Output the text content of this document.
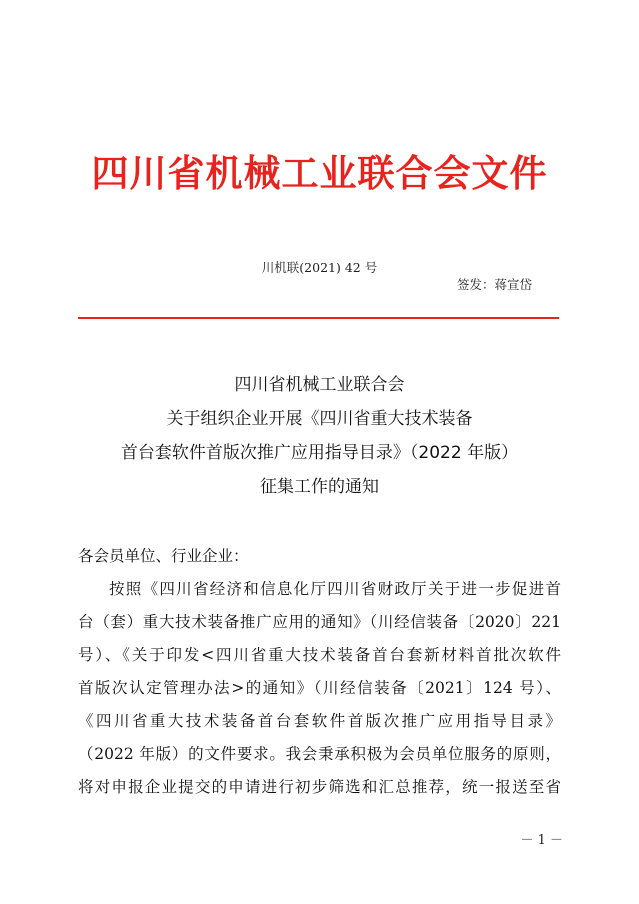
四川省机械工业联合会文件
川机联(2021) 42 号
签发：蒋宣岱
四川省机械工业联合会
关于组织企业开展《四川省重大技术装备
首台套软件首版次推广应用指导目录》（2022 年版）
征集工作的通知
各会员单位、行业企业：
按照《四川省经济和信息化厅四川省财政厅关于进一步促进首
台（套）重大技术装备推广应用的通知》（川经信装备〔2020〕221
号）、《关于印发<四川省重大技术装备首台套新材料首批次软件
首版次认定管理办法>的通知》（川经信装备〔2021〕124 号）、
《四川省重大技术装备首台套软件首版次推广应用指导目录》
（2022 年版）的文件要求。我会秉承积极为会员单位服务的原则，
将对申报企业提交的申请进行初步筛选和汇总推荐，统一报送至省
－ 1 －
